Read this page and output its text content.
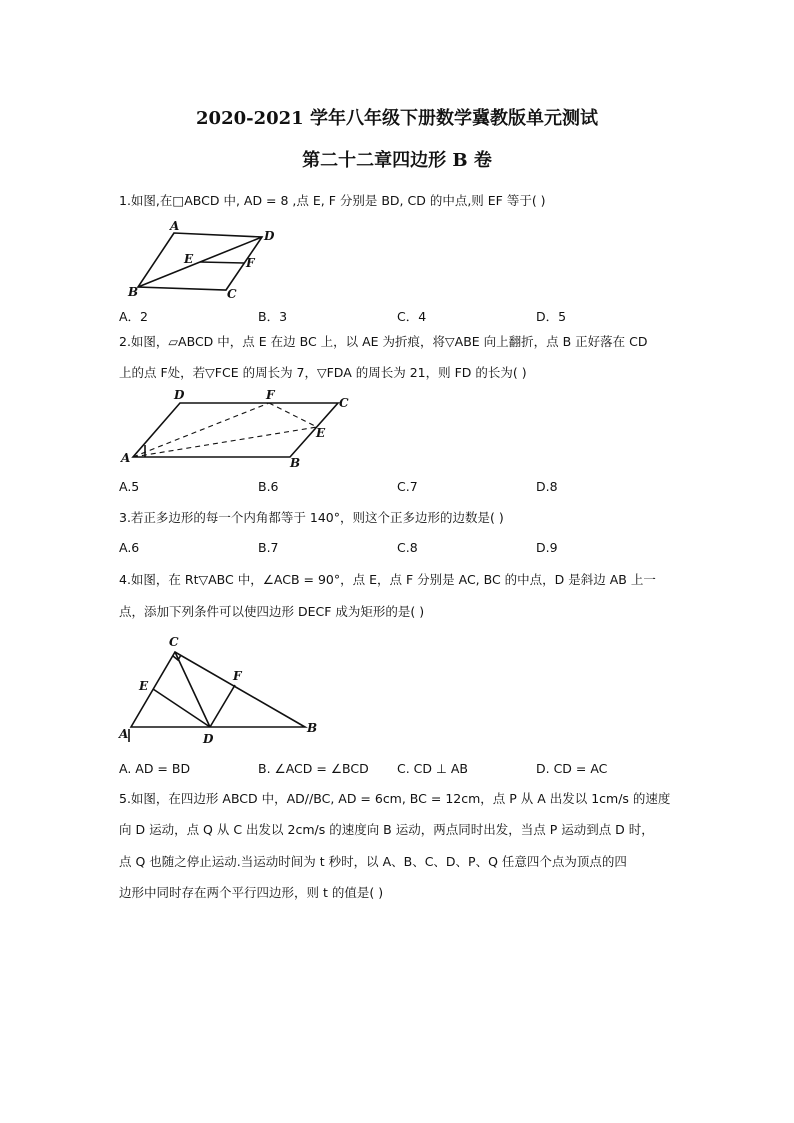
2020-2021 学年八年级下册数学冀教版单元测试
第二十二章四边形 B 卷
1.如图,在□ABCD 中, AD = 8 ,点 E, F 分别是 BD, CD 的中点,则 EF 等于( )
A
D
E	F
B	C
A．2	B．3	C．4	D．5
2.如图，▱ABCD 中，点 E 在边 BC 上，以 AE 为折痕，将▽ABE 向上翻折，点 B 正好落在 CD
上的点 F处，若▽FCE 的周长为 7，▽FDA 的周长为 21，则 FD 的长为( )
D	F
C
E
A	B
A.5	B.6	C.7	D.8
3.若正多边形的每一个内角都等于 140°，则这个正多边形的边数是( )
A.6	B.7	C.8	D.9
4.如图，在 Rt▽ABC 中，∠ACB = 90°，点 E，点 F 分别是 AC, BC 的中点，D 是斜边 AB 上一
点，添加下列条件可以使四边形 DECF 成为矩形的是( )
C
E
F
A	D
B
A. AD = BD	B. ∠ACD = ∠BCD C. CD ⊥ AB	D. CD = AC
5.如图，在四边形 ABCD 中，AD//BC, AD = 6cm, BC = 12cm，点 P 从 A 出发以 1cm/s 的速度
向 D 运动，点 Q 从 C 出发以 2cm/s 的速度向 B 运动，两点同时出发，当点 P 运动到点 D 时，
点 Q 也随之停止运动.当运动时间为 t 秒时，以 A、B、C、D、P、Q 任意四个点为顶点的四
边形中同时存在两个平行四边形，则 t 的值是( )
